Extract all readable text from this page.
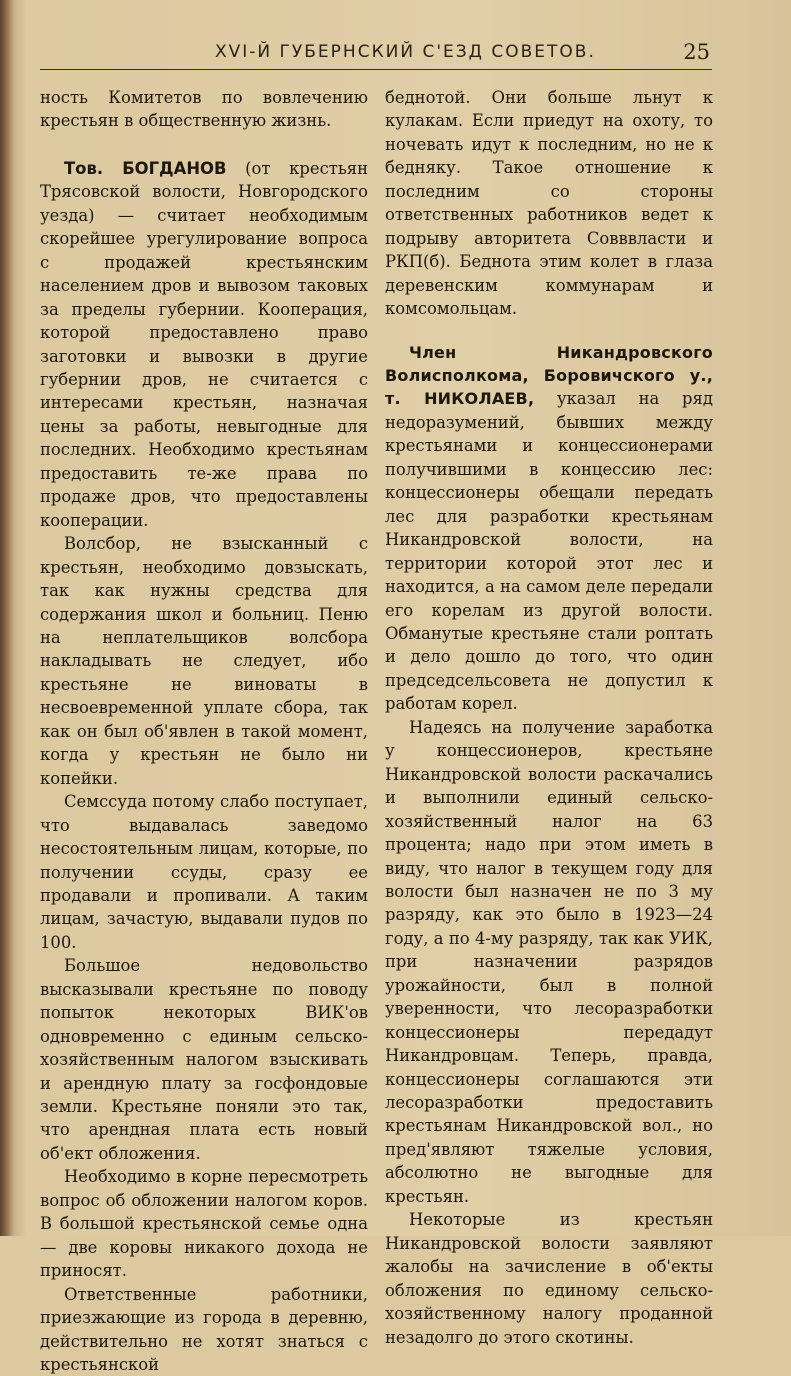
XVI-Й ГУБЕРНСКИЙ С'ЕЗД СОВЕТОВ.	25

ность Комитетов по вовлечению крестьян в общественную жизнь.

Тов. БОГДАНОВ (от крестьян Трясовской волости, Новгородского уезда) — считает необходимым скорейшее урегулирование вопроса с продажей крестьянским населением дров и вывозом таковых за пределы губернии. Кооперация, которой предоставлено право заготовки и вывозки в другие губернии дров, не считается с интересами крестьян, назначая цены за работы, невыгодные для последних. Необходимо крестьянам предоставить те-же права по продаже дров, что предоставлены кооперации.

Волсбор, не взысканный с крестьян, необходимо довзыскать, так как нужны средства для содержания школ и больниц. Пеню на неплательщиков волсбора накладывать не следует, ибо крестьяне не виноваты в несвоевременной уплате сбора, так как он был об'явлен в такой момент, когда у крестьян не было ни копейки.

Семссуда потому слабо поступает, что выдавалась заведомо несостоятельным лицам, которые, по получении ссуды, сразу ее продавали и пропивали. А таким лицам, зачастую, выдавали пудов по 100.

Большое недовольство высказывали крестьяне по поводу попыток некоторых ВИК'ов одновременно с единым сельско-хозяйственным налогом взыскивать и арендную плату за госфондовые земли. Крестьяне поняли это так, что арендная плата есть новый об'ект обложения.

Необходимо в корне пересмотреть вопрос об обложении налогом коров. В большой крестьянской семье одна — две коровы никакого дохода не приносят.

Ответственные работники, приезжающие из города в деревню, действительно не хотят знаться с крестьянской

беднотой. Они больше льнут к кулакам. Если приедут на охоту, то ночевать идут к последним, но не к бедняку. Такое отношение к последним со стороны ответственных работников ведет к подрыву авторитета Совввласти и РКП(б). Беднота этим колет в глаза деревенским коммунарам и комсомольцам.

Член Никандровского Волисполкома, Боровичского у., т. НИКОЛАЕВ, указал на ряд недоразумений, бывших между крестьянами и концессионерами получившими в концессию лес: концессионеры обещали передать лес для разработки крестьянам Никандровской волости, на территории которой этот лес и находится, а на самом деле передали его корелам из другой волости. Обманутые крестьяне стали роптать и дело дошло до того, что один председсельсовета не допустил к работам корел.

Надеясь на получение заработка у концессионеров, крестьяне Никандровской волости раскачались и выполнили единый сельско-хозяйственный налог на 63 процента; надо при этом иметь в виду, что налог в текущем году для волости был назначен не по 3 му разряду, как это было в 1923—24 году, а по 4-му разряду, так как УИК, при назначении разрядов урожайности, был в полной уверенности, что лесоразработки концессионеры передадут Никандровцам. Теперь, правда, концессионеры соглашаются эти лесоразработки предоставить крестьянам Никандровской вол., но пред'являют тяжелые условия, абсолютно не выгодные для крестьян.

Некоторые из крестьян Никандровской волости заявляют жалобы на зачисление в об'екты обложения по единому сельско-хозяйственному налогу проданной незадолго до этого скотины.
